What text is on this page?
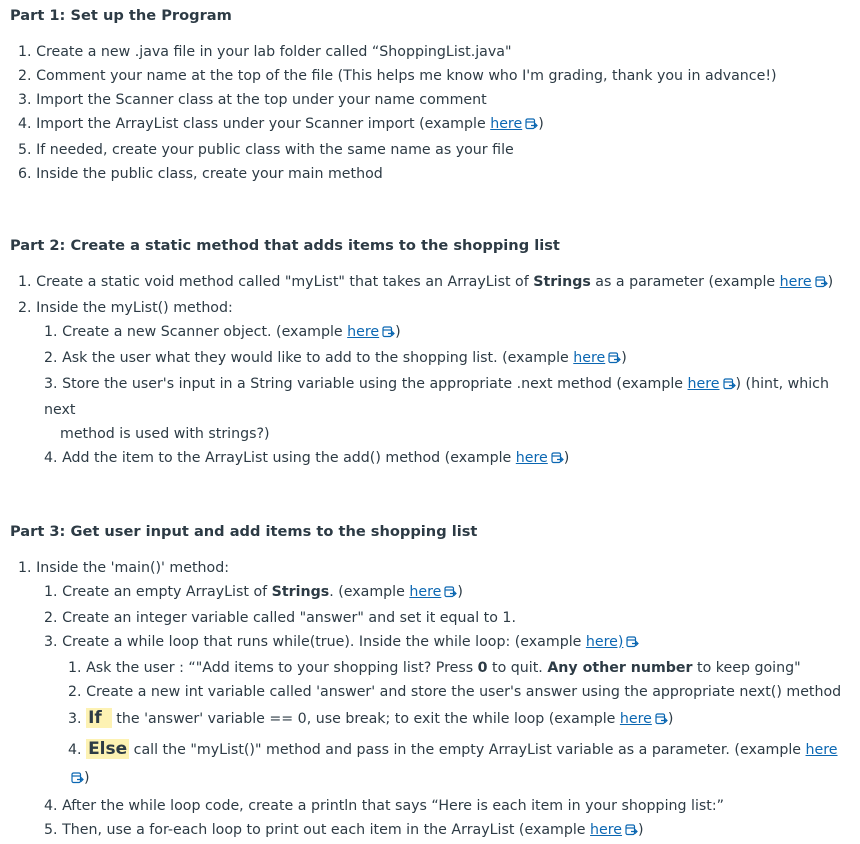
Part 1: Set up the Program
1. Create a new .java file in your lab folder called “ShoppingList.java"
2. Comment your name at the top of the file (This helps me know who I'm grading, thank you in advance!)
3. Import the Scanner class at the top under your name comment
4. Import the ArrayList class under your Scanner import (example here )
5. If needed, create your public class with the same name as your file
6. Inside the public class, create your main method
Part 2: Create a static method that adds items to the shopping list
1. Create a static void method called "myList" that takes an ArrayList of Strings as a parameter (example here )
2. Inside the myList() method:
1. Create a new Scanner object. (example here )
2. Ask the user what they would like to add to the shopping list. (example here )
3. Store the user's input in a String variable using the appropriate .next method (example here ) (hint, which next
method is used with strings?)
4. Add the item to the ArrayList using the add() method (example here )
Part 3: Get user input and add items to the shopping list
1. Inside the 'main()' method:
1. Create an empty ArrayList of Strings. (example here )
2. Create an integer variable called "answer" and set it equal to 1.
3. Create a while loop that runs while(true). Inside the while loop: (example here)
1. Ask the user : “"Add items to your shopping list? Press 0 to quit. Any other number to keep going"
2. Create a new int variable called 'answer' and store the user's answer using the appropriate next() method
3. If the 'answer' variable == 0, use break; to exit the while loop (example here )
4. Else call the "myList()" method and pass in the empty ArrayList variable as a parameter. (example here)
4. After the while loop code, create a println that says “Here is each item in your shopping list:”
5. Then, use a for-each loop to print out each item in the ArrayList (example here )
